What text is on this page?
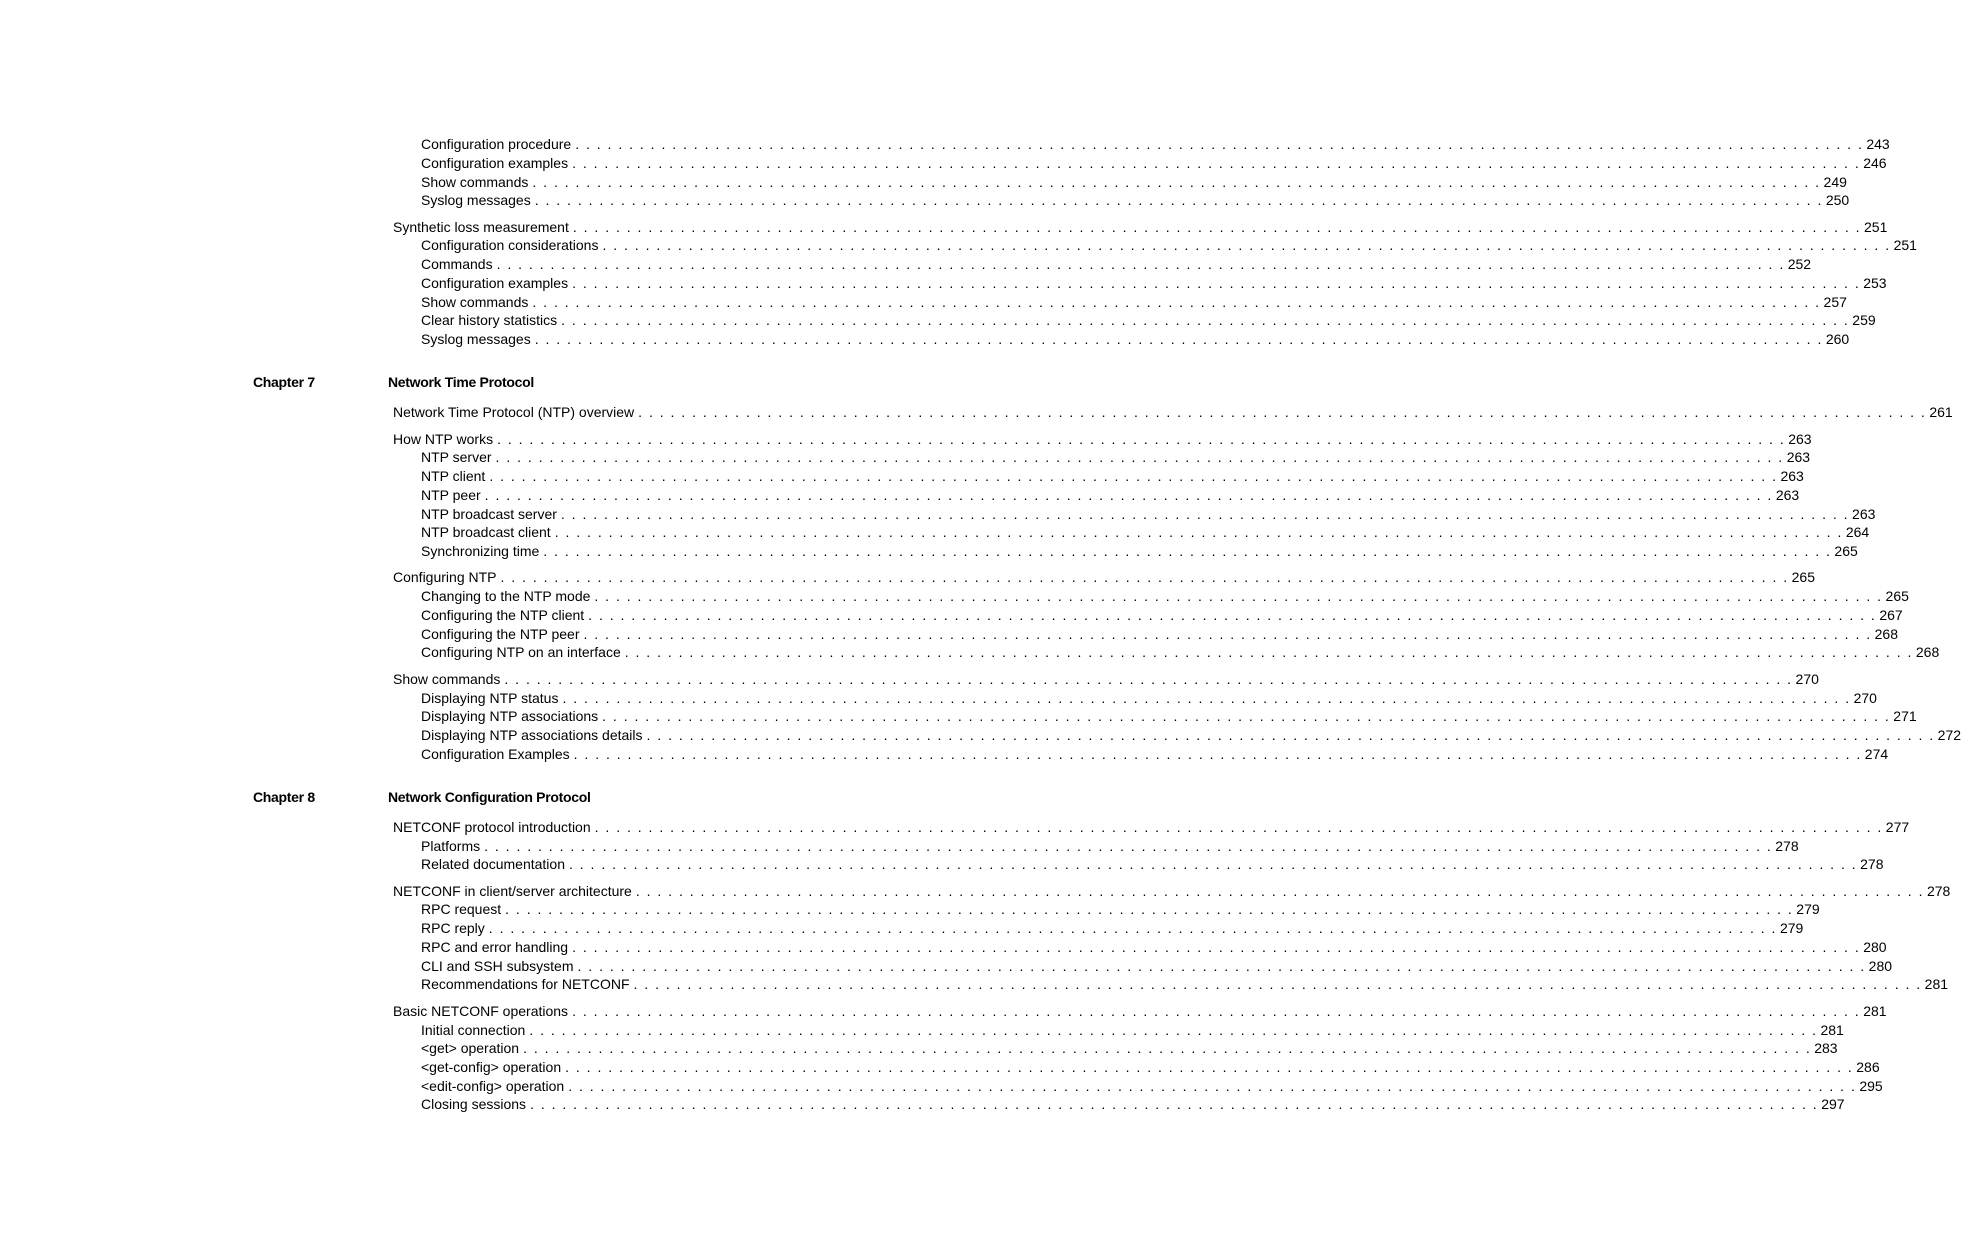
Configuration procedure . . . . . . . . . . . . . . . . . . . . . . . . . . . . . . . . . . . . . . . . . . . . . . . . . . . . . . . . . . . . . . . . . . . . . . . . . . . . . . . . . . . . . . . . . . . . . . . . . . . . . . . . . . . . . . . . . . . . . . . . 243
Configuration examples . . . . . . . . . . . . . . . . . . . . . . . . . . . . . . . . . . . . . . . . . . . . . . . . . . . . . . . . . . . . . . . . . . . . . . . . . . . . . . . . . . . . . . . . . . . . . . . . . . . . . . . . . . . . . . . . . . . . . . . . 246
Show commands . . . . . . . . . . . . . . . . . . . . . . . . . . . . . . . . . . . . . . . . . . . . . . . . . . . . . . . . . . . . . . . . . . . . . . . . . . . . . . . . . . . . . . . . . . . . . . . . . . . . . . . . . . . . . . . . . . . . . . . . 249
Syslog messages . . . . . . . . . . . . . . . . . . . . . . . . . . . . . . . . . . . . . . . . . . . . . . . . . . . . . . . . . . . . . . . . . . . . . . . . . . . . . . . . . . . . . . . . . . . . . . . . . . . . . . . . . . . . . . . . . . . . . . . . 250
Synthetic loss measurement . . . . . . . . . . . . . . . . . . . . . . . . . . . . . . . . . . . . . . . . . . . . . . . . . . . . . . . . . . . . . . . . . . . . . . . . . . . . . . . . . . . . . . . . . . . . . . . . . . . . . . . . . . . . . . . . . . . . . . . . 251
Configuration considerations . . . . . . . . . . . . . . . . . . . . . . . . . . . . . . . . . . . . . . . . . . . . . . . . . . . . . . . . . . . . . . . . . . . . . . . . . . . . . . . . . . . . . . . . . . . . . . . . . . . . . . . . . . . . . . . . . . . . . . . . 251
Commands . . . . . . . . . . . . . . . . . . . . . . . . . . . . . . . . . . . . . . . . . . . . . . . . . . . . . . . . . . . . . . . . . . . . . . . . . . . . . . . . . . . . . . . . . . . . . . . . . . . . . . . . . . . . . . . . . . . . . . . . 252
Configuration examples . . . . . . . . . . . . . . . . . . . . . . . . . . . . . . . . . . . . . . . . . . . . . . . . . . . . . . . . . . . . . . . . . . . . . . . . . . . . . . . . . . . . . . . . . . . . . . . . . . . . . . . . . . . . . . . . . . . . . . . . 253
Show commands . . . . . . . . . . . . . . . . . . . . . . . . . . . . . . . . . . . . . . . . . . . . . . . . . . . . . . . . . . . . . . . . . . . . . . . . . . . . . . . . . . . . . . . . . . . . . . . . . . . . . . . . . . . . . . . . . . . . . . . . 257
Clear history statistics . . . . . . . . . . . . . . . . . . . . . . . . . . . . . . . . . . . . . . . . . . . . . . . . . . . . . . . . . . . . . . . . . . . . . . . . . . . . . . . . . . . . . . . . . . . . . . . . . . . . . . . . . . . . . . . . . . . . . . . . 259
Syslog messages . . . . . . . . . . . . . . . . . . . . . . . . . . . . . . . . . . . . . . . . . . . . . . . . . . . . . . . . . . . . . . . . . . . . . . . . . . . . . . . . . . . . . . . . . . . . . . . . . . . . . . . . . . . . . . . . . . . . . . . . 260
Chapter 7	Network Time Protocol
Network Time Protocol (NTP) overview . . . . . . . . . . . . . . . . . . . . . . . . . . . . . . . . . . . . . . . . . . . . . . . . . . . . . . . . . . . . . . . . . . . . . . . . . . . . . . . . . . . . . . . . . . . . . . . . . . . . . . . . . . . . . . . . . . . . . . . . 261
How NTP works . . . . . . . . . . . . . . . . . . . . . . . . . . . . . . . . . . . . . . . . . . . . . . . . . . . . . . . . . . . . . . . . . . . . . . . . . . . . . . . . . . . . . . . . . . . . . . . . . . . . . . . . . . . . . . . . . . . . . . . . 263
NTP server . . . . . . . . . . . . . . . . . . . . . . . . . . . . . . . . . . . . . . . . . . . . . . . . . . . . . . . . . . . . . . . . . . . . . . . . . . . . . . . . . . . . . . . . . . . . . . . . . . . . . . . . . . . . . . . . . . . . . . . . 263
NTP client . . . . . . . . . . . . . . . . . . . . . . . . . . . . . . . . . . . . . . . . . . . . . . . . . . . . . . . . . . . . . . . . . . . . . . . . . . . . . . . . . . . . . . . . . . . . . . . . . . . . . . . . . . . . . . . . . . . . . . . . 263
NTP peer . . . . . . . . . . . . . . . . . . . . . . . . . . . . . . . . . . . . . . . . . . . . . . . . . . . . . . . . . . . . . . . . . . . . . . . . . . . . . . . . . . . . . . . . . . . . . . . . . . . . . . . . . . . . . . . . . . . . . . . . 263
NTP broadcast server . . . . . . . . . . . . . . . . . . . . . . . . . . . . . . . . . . . . . . . . . . . . . . . . . . . . . . . . . . . . . . . . . . . . . . . . . . . . . . . . . . . . . . . . . . . . . . . . . . . . . . . . . . . . . . . . . . . . . . . . 263
NTP broadcast client . . . . . . . . . . . . . . . . . . . . . . . . . . . . . . . . . . . . . . . . . . . . . . . . . . . . . . . . . . . . . . . . . . . . . . . . . . . . . . . . . . . . . . . . . . . . . . . . . . . . . . . . . . . . . . . . . . . . . . . . 264
Synchronizing time . . . . . . . . . . . . . . . . . . . . . . . . . . . . . . . . . . . . . . . . . . . . . . . . . . . . . . . . . . . . . . . . . . . . . . . . . . . . . . . . . . . . . . . . . . . . . . . . . . . . . . . . . . . . . . . . . . . . . . . . 265
Configuring NTP . . . . . . . . . . . . . . . . . . . . . . . . . . . . . . . . . . . . . . . . . . . . . . . . . . . . . . . . . . . . . . . . . . . . . . . . . . . . . . . . . . . . . . . . . . . . . . . . . . . . . . . . . . . . . . . . . . . . . . . . 265
Changing to the NTP mode . . . . . . . . . . . . . . . . . . . . . . . . . . . . . . . . . . . . . . . . . . . . . . . . . . . . . . . . . . . . . . . . . . . . . . . . . . . . . . . . . . . . . . . . . . . . . . . . . . . . . . . . . . . . . . . . . . . . . . . . 265
Configuring the NTP client . . . . . . . . . . . . . . . . . . . . . . . . . . . . . . . . . . . . . . . . . . . . . . . . . . . . . . . . . . . . . . . . . . . . . . . . . . . . . . . . . . . . . . . . . . . . . . . . . . . . . . . . . . . . . . . . . . . . . . . . 267
Configuring the NTP peer . . . . . . . . . . . . . . . . . . . . . . . . . . . . . . . . . . . . . . . . . . . . . . . . . . . . . . . . . . . . . . . . . . . . . . . . . . . . . . . . . . . . . . . . . . . . . . . . . . . . . . . . . . . . . . . . . . . . . . . . 268
Configuring NTP on an interface . . . . . . . . . . . . . . . . . . . . . . . . . . . . . . . . . . . . . . . . . . . . . . . . . . . . . . . . . . . . . . . . . . . . . . . . . . . . . . . . . . . . . . . . . . . . . . . . . . . . . . . . . . . . . . . . . . . . . . . . 268
Show commands . . . . . . . . . . . . . . . . . . . . . . . . . . . . . . . . . . . . . . . . . . . . . . . . . . . . . . . . . . . . . . . . . . . . . . . . . . . . . . . . . . . . . . . . . . . . . . . . . . . . . . . . . . . . . . . . . . . . . . . . 270
Displaying NTP status . . . . . . . . . . . . . . . . . . . . . . . . . . . . . . . . . . . . . . . . . . . . . . . . . . . . . . . . . . . . . . . . . . . . . . . . . . . . . . . . . . . . . . . . . . . . . . . . . . . . . . . . . . . . . . . . . . . . . . . . 270
Displaying NTP associations . . . . . . . . . . . . . . . . . . . . . . . . . . . . . . . . . . . . . . . . . . . . . . . . . . . . . . . . . . . . . . . . . . . . . . . . . . . . . . . . . . . . . . . . . . . . . . . . . . . . . . . . . . . . . . . . . . . . . . . . 271
Displaying NTP associations details . . . . . . . . . . . . . . . . . . . . . . . . . . . . . . . . . . . . . . . . . . . . . . . . . . . . . . . . . . . . . . . . . . . . . . . . . . . . . . . . . . . . . . . . . . . . . . . . . . . . . . . . . . . . . . . . . . . . . . . . 272
Configuration Examples . . . . . . . . . . . . . . . . . . . . . . . . . . . . . . . . . . . . . . . . . . . . . . . . . . . . . . . . . . . . . . . . . . . . . . . . . . . . . . . . . . . . . . . . . . . . . . . . . . . . . . . . . . . . . . . . . . . . . . . . 274
Chapter 8	Network Configuration Protocol
NETCONF protocol introduction . . . . . . . . . . . . . . . . . . . . . . . . . . . . . . . . . . . . . . . . . . . . . . . . . . . . . . . . . . . . . . . . . . . . . . . . . . . . . . . . . . . . . . . . . . . . . . . . . . . . . . . . . . . . . . . . . . . . . . . . 277
Platforms . . . . . . . . . . . . . . . . . . . . . . . . . . . . . . . . . . . . . . . . . . . . . . . . . . . . . . . . . . . . . . . . . . . . . . . . . . . . . . . . . . . . . . . . . . . . . . . . . . . . . . . . . . . . . . . . . . . . . . . . 278
Related documentation . . . . . . . . . . . . . . . . . . . . . . . . . . . . . . . . . . . . . . . . . . . . . . . . . . . . . . . . . . . . . . . . . . . . . . . . . . . . . . . . . . . . . . . . . . . . . . . . . . . . . . . . . . . . . . . . . . . . . . . . 278
NETCONF in client/server architecture . . . . . . . . . . . . . . . . . . . . . . . . . . . . . . . . . . . . . . . . . . . . . . . . . . . . . . . . . . . . . . . . . . . . . . . . . . . . . . . . . . . . . . . . . . . . . . . . . . . . . . . . . . . . . . . . . . . . . . . . 278
RPC request . . . . . . . . . . . . . . . . . . . . . . . . . . . . . . . . . . . . . . . . . . . . . . . . . . . . . . . . . . . . . . . . . . . . . . . . . . . . . . . . . . . . . . . . . . . . . . . . . . . . . . . . . . . . . . . . . . . . . . . . 279
RPC reply . . . . . . . . . . . . . . . . . . . . . . . . . . . . . . . . . . . . . . . . . . . . . . . . . . . . . . . . . . . . . . . . . . . . . . . . . . . . . . . . . . . . . . . . . . . . . . . . . . . . . . . . . . . . . . . . . . . . . . . . 279
RPC and error handling . . . . . . . . . . . . . . . . . . . . . . . . . . . . . . . . . . . . . . . . . . . . . . . . . . . . . . . . . . . . . . . . . . . . . . . . . . . . . . . . . . . . . . . . . . . . . . . . . . . . . . . . . . . . . . . . . . . . . . . . 280
CLI and SSH subsystem . . . . . . . . . . . . . . . . . . . . . . . . . . . . . . . . . . . . . . . . . . . . . . . . . . . . . . . . . . . . . . . . . . . . . . . . . . . . . . . . . . . . . . . . . . . . . . . . . . . . . . . . . . . . . . . . . . . . . . . . 280
Recommendations for NETCONF . . . . . . . . . . . . . . . . . . . . . . . . . . . . . . . . . . . . . . . . . . . . . . . . . . . . . . . . . . . . . . . . . . . . . . . . . . . . . . . . . . . . . . . . . . . . . . . . . . . . . . . . . . . . . . . . . . . . . . . . 281
Basic NETCONF operations . . . . . . . . . . . . . . . . . . . . . . . . . . . . . . . . . . . . . . . . . . . . . . . . . . . . . . . . . . . . . . . . . . . . . . . . . . . . . . . . . . . . . . . . . . . . . . . . . . . . . . . . . . . . . . . . . . . . . . . . 281
Initial connection . . . . . . . . . . . . . . . . . . . . . . . . . . . . . . . . . . . . . . . . . . . . . . . . . . . . . . . . . . . . . . . . . . . . . . . . . . . . . . . . . . . . . . . . . . . . . . . . . . . . . . . . . . . . . . . . . . . . . . . . 281
<get> operation . . . . . . . . . . . . . . . . . . . . . . . . . . . . . . . . . . . . . . . . . . . . . . . . . . . . . . . . . . . . . . . . . . . . . . . . . . . . . . . . . . . . . . . . . . . . . . . . . . . . . . . . . . . . . . . . . . . . . . . . 283
<get-config> operation . . . . . . . . . . . . . . . . . . . . . . . . . . . . . . . . . . . . . . . . . . . . . . . . . . . . . . . . . . . . . . . . . . . . . . . . . . . . . . . . . . . . . . . . . . . . . . . . . . . . . . . . . . . . . . . . . . . . . . . . 286
<edit-config> operation . . . . . . . . . . . . . . . . . . . . . . . . . . . . . . . . . . . . . . . . . . . . . . . . . . . . . . . . . . . . . . . . . . . . . . . . . . . . . . . . . . . . . . . . . . . . . . . . . . . . . . . . . . . . . . . . . . . . . . . . 295
Closing sessions . . . . . . . . . . . . . . . . . . . . . . . . . . . . . . . . . . . . . . . . . . . . . . . . . . . . . . . . . . . . . . . . . . . . . . . . . . . . . . . . . . . . . . . . . . . . . . . . . . . . . . . . . . . . . . . . . . . . . . . . 297
